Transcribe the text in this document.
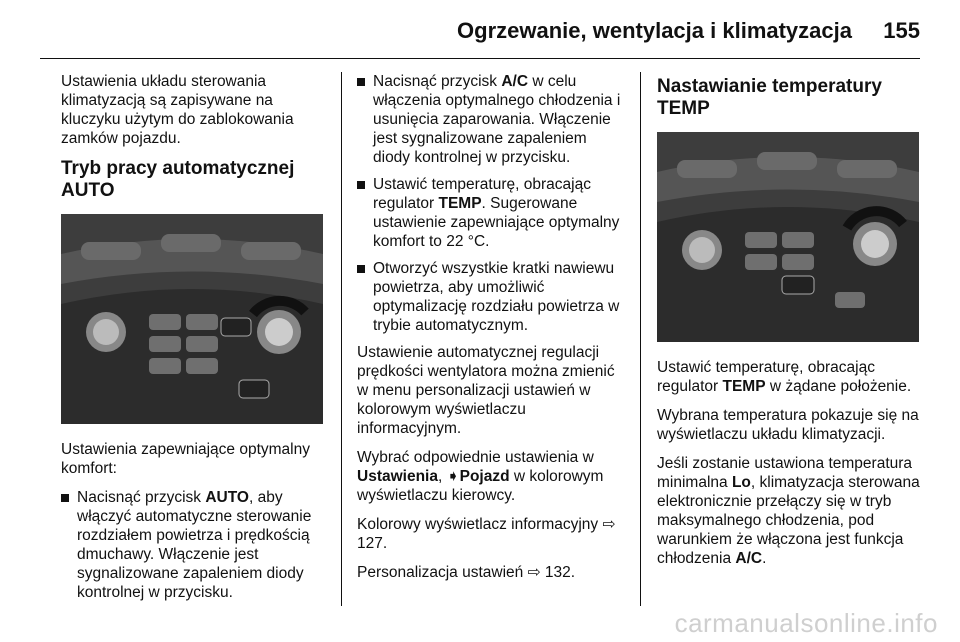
Ogrzewanie, wentylacja i klimatyzacja 155

Ustawienia układu sterowania klimatyzacją są zapisywane na kluczyku użytym do zablokowania zamków pojazdu.

Tryb pracy automatycznej AUTO

Ustawienia zapewniające optymalny komfort:

Nacisnąć przycisk AUTO, aby włączyć automatyczne sterowanie rozdziałem powietrza i prędkością dmuchawy. Włączenie jest sygnalizowane zapaleniem diody kontrolnej w przycisku.
Nacisnąć przycisk A/C w celu włączenia optymalnego chłodzenia i usunięcia zaparowania. Włączenie jest sygnalizowane zapaleniem diody kontrolnej w przycisku.
Ustawić temperaturę, obracając regulator TEMP. Sugerowane ustawienie zapewniające optymalny komfort to 22 °C.
Otworzyć wszystkie kratki nawiewu powietrza, aby umożliwić optymalizację rozdziału powietrza w trybie automatycznym.

Ustawienie automatycznej regulacji prędkości wentylatora można zmienić w menu personalizacji ustawień w kolorowym wyświetlaczu informacyjnym.

Wybrać odpowiednie ustawienia w Ustawienia, ➧Pojazd w kolorowym wyświetlaczu kierowcy.

Kolorowy wyświetlacz informacyjny ⇨ 127.

Personalizacja ustawień ⇨ 132.

Nastawianie temperatury TEMP

Ustawić temperaturę, obracając regulator TEMP w żądane położenie.

Wybrana temperatura pokazuje się na wyświetlaczu układu klimatyzacji.

Jeśli zostanie ustawiona temperatura minimalna Lo, klimatyzacja sterowana elektronicznie przełączy się w tryb maksymalnego chłodzenia, pod warunkiem że włączona jest funkcja chłodzenia A/C.

carmanualsonline.info
